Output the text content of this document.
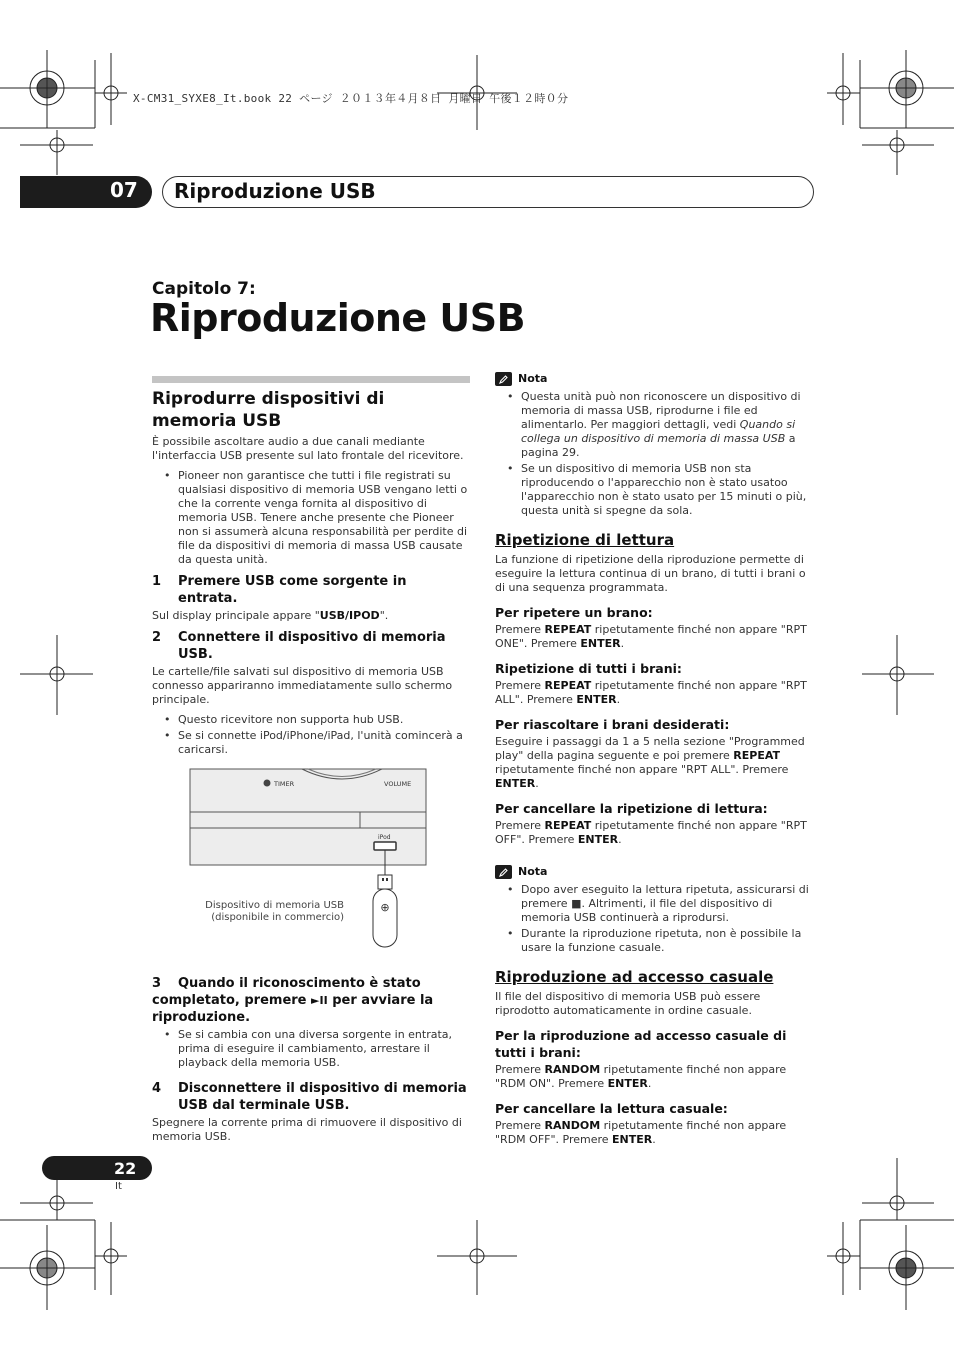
X-CM31_SYXE8_It.book 22 ページ ２０１３年４月８日 月曜日 午後１２時０分
07 Riproduzione USB
Capitolo 7:
Riproduzione USB
Riprodurre dispositivi di memoria USB

È possibile ascoltare audio a due canali mediante l'interfaccia USB presente sul lato frontale del ricevitore.

• Pioneer non garantisce che tutti i file registrati su qualsiasi dispositivo di memoria USB vengano letti o che la corrente venga fornita al dispositivo di memoria USB. Tenere anche presente che Pioneer non si assumerà alcuna responsabilità per perdite di file da dispositivi di memoria di massa USB causate da questa unità.
1	Premere USB come sorgente in entrata.

Sul display principale appare "USB/IPOD".

2	Connettere il dispositivo di memoria USB.

Le cartelle/file salvati sul dispositivo di memoria USB connesso appariranno immediatamente sullo schermo principale.

• Questo ricevitore non supporta hub USB.
• Se si connette iPod/iPhone/iPad, l'unità comincerà a caricarsi.
⊕
TIMER	VOLUME
iPod
Dispositivo di memoria USB
(disponibile in commercio)
3	Quando il riconoscimento è stato
completato, premere ►II per avviare la
riproduzione.
• Se si cambia con una diversa sorgente in entrata, prima di eseguire il cambiamento, arrestare il playback della memoria USB.
4	Disconnettere il dispositivo di memoria USB dal terminale USB.

Spegnere la corrente prima di rimuovere il dispositivo di memoria USB.

Nota
• Questa unità può non riconoscere un dispositivo di memoria di massa USB, riprodurne i file ed alimentarlo. Per maggiori dettagli, vedi Quando si collega un dispositivo di memoria di massa USB a pagina 29.
• Se un dispositivo di memoria USB non sta riproducendo o l'apparecchio non è stato usatoo l'apparecchio non è stato usato per 15 minuti o più, questa unità si spegne da sola.
Ripetizione di lettura

La funzione di ripetizione della riproduzione permette di eseguire la lettura continua di un brano, di tutti i brani o di una sequenza programmata.

Per ripetere un brano:

Premere REPEAT ripetutamente finché non appare "RPT ONE". Premere ENTER.

Ripetizione di tutti i brani:

Premere REPEAT ripetutamente finché non appare "RPT ALL". Premere ENTER.

Per riascoltare i brani desiderati:

Eseguire i passaggi da 1 a 5 nella sezione "Programmed play" della pagina seguente e poi premere REPEAT ripetutamente finché non appare "RPT ALL". Premere ENTER.

Per cancellare la ripetizione di lettura:

Premere REPEAT ripetutamente finché non appare "RPT OFF". Premere ENTER.

Nota
• Dopo aver eseguito la lettura ripetuta, assicurarsi di premere ■. Altrimenti, il file del dispositivo di memoria USB continuerà a riprodursi.
• Durante la riproduzione ripetuta, non è possibile la usare la funzione casuale.
Riproduzione ad accesso casuale

Il file del dispositivo di memoria USB può essere riprodotto automaticamente in ordine casuale.

Per la riproduzione ad accesso casuale di tutti i brani:

Premere RANDOM ripetutamente finché non appare "RDM ON". Premere ENTER.

Per cancellare la lettura casuale:

Premere RANDOM ripetutamente finché non appare "RDM OFF". Premere ENTER.

22
It
